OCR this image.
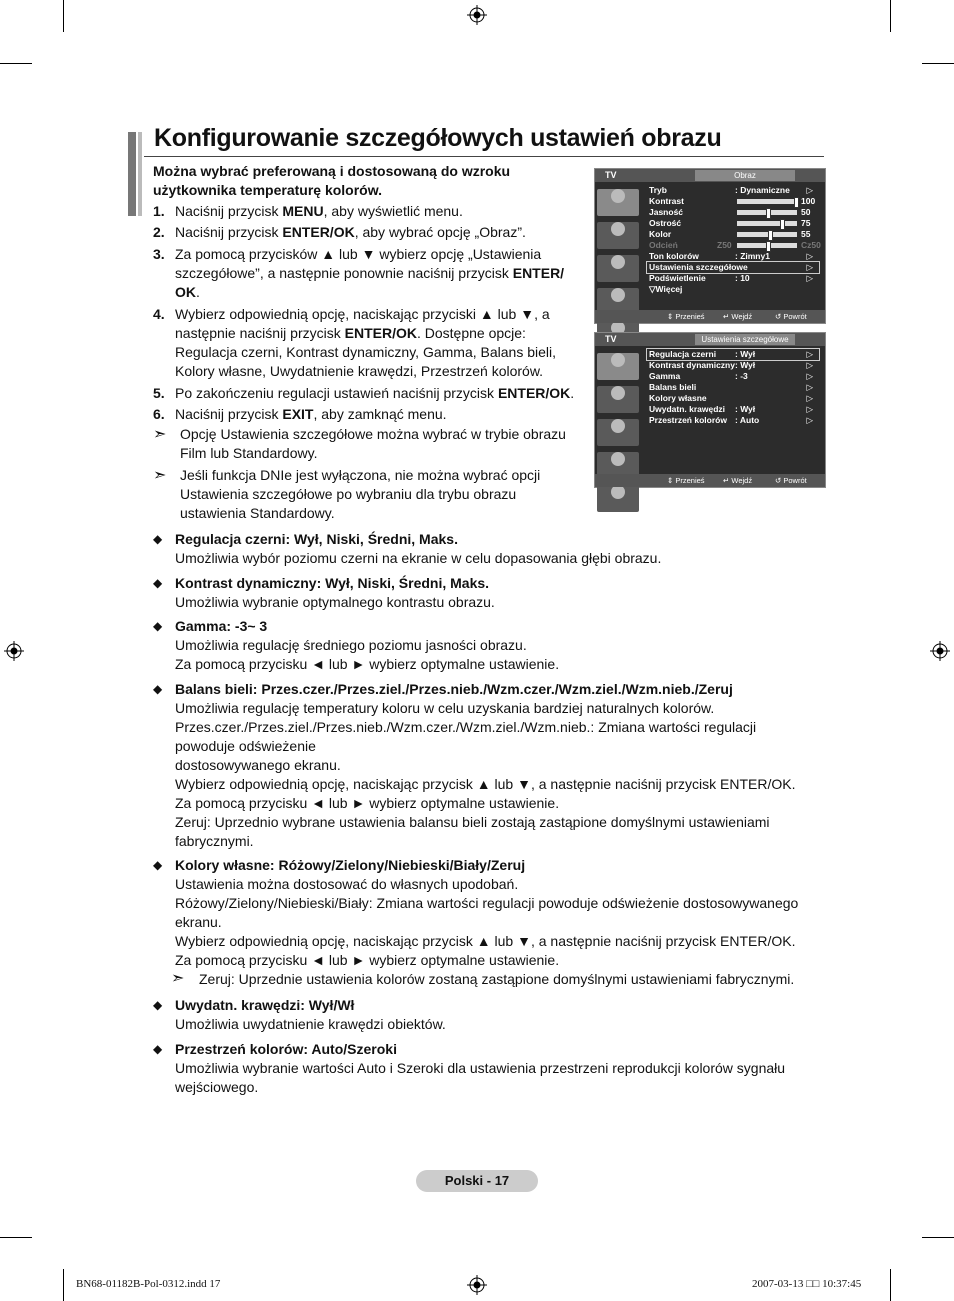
Konfigurowanie szczegółowych ustawień obrazu
Można wybrać preferowaną i dostosowaną do wzroku użytkownika temperaturę kolorów.
1. Naciśnij przycisk MENU, aby wyświetlić menu.
2. Naciśnij przycisk ENTER/OK, aby wybrać opcję „Obraz”.
3. Za pomocą przycisków ▲ lub ▼ wybierz opcję „Ustawienia szczegółowe”, a następnie ponownie naciśnij przycisk ENTER/ OK.
4. Wybierz odpowiednią opcję, naciskając przyciski ▲ lub ▼, a następnie naciśnij przycisk ENTER/OK. Dostępne opcje: Regulacja czerni, Kontrast dynamiczny, Gamma, Balans bieli, Kolory własne, Uwydatnienie krawędzi, Przestrzeń kolorów.
5. Po zakończeniu regulacji ustawień naciśnij przycisk ENTER/OK.
6. Naciśnij przycisk EXIT, aby zamknąć menu.
➣ Opcję Ustawienia szczegółowe można wybrać w trybie obrazu Film lub Standardowy.
➣ Jeśli funkcja DNIe jest wyłączona, nie można wybrać opcji Ustawienia szczegółowe po wybraniu dla trybu obrazu ustawienia Standardowy.
TV	Obraz
Tryb	: Dynamiczne ▷
Kontrast	100
Jasność	50
Ostrość	75
Kolor	55
Odcień	Z50	Cz50
Ton kolorów	: Zimny1	▷
Ustawienia szczegółowe	▷
Podświetlenie	: 10	▷
▽Więcej
⇕ Przenieś ↵ Wejdź	↺ Powrót
TV	Ustawienia szczegółowe
Regulacja czerni : Wył	▷
Kontrast dynamiczny : Wył	▷
Gamma	: -3	▷
Balans bieli	▷
Kolory własne	▷
Uwydatn. krawędzi : Wył	▷
Przestrzeń kolorów : Auto	▷
⇕ Przenieś ↵ Wejdź	↺ Powrót
◆ Regulacja czerni: Wył, Niski, Średni, Maks.
Umożliwia wybór poziomu czerni na ekranie w celu dopasowania głębi obrazu.
◆ Kontrast dynamiczny: Wył, Niski, Średni, Maks.
Umożliwia wybranie optymalnego kontrastu obrazu.
◆ Gamma: -3~ 3
Umożliwia regulację średniego poziomu jasności obrazu.
Za pomocą przycisku ◄ lub ► wybierz optymalne ustawienie.
◆ Balans bieli: Przes.czer./Przes.ziel./Przes.nieb./Wzm.czer./Wzm.ziel./Wzm.nieb./Zeruj
Umożliwia regulację temperatury koloru w celu uzyskania bardziej naturalnych kolorów.
Przes.czer./Przes.ziel./Przes.nieb./Wzm.czer./Wzm.ziel./Wzm.nieb.: Zmiana wartości regulacji powoduje odświeżenie
dostosowywanego ekranu.
Wybierz odpowiednią opcję, naciskając przycisk ▲ lub ▼, a następnie naciśnij przycisk ENTER/OK.
Za pomocą przycisku ◄ lub ► wybierz optymalne ustawienie.
Zeruj: Uprzednio wybrane ustawienia balansu bieli zostają zastąpione domyślnymi ustawieniami fabrycznymi.
◆ Kolory własne: Różowy/Zielony/Niebieski/Biały/Zeruj
Ustawienia można dostosować do własnych upodobań.
Różowy/Zielony/Niebieski/Biały: Zmiana wartości regulacji powoduje odświeżenie dostosowywanego ekranu.
Wybierz odpowiednią opcję, naciskając przycisk ▲ lub ▼, a następnie naciśnij przycisk ENTER/OK.
Za pomocą przycisku ◄ lub ► wybierz optymalne ustawienie.
➣ Zeruj: Uprzednie ustawienia kolorów zostaną zastąpione domyślnymi ustawieniami fabrycznymi.
◆ Uwydatn. krawędzi: Wył/Wł
Umożliwia uwydatnienie krawędzi obiektów.
◆ Przestrzeń kolorów: Auto/Szeroki
Umożliwia wybranie wartości Auto i Szeroki dla ustawienia przestrzeni reprodukcji kolorów sygnału wejściowego.
Polski - 17
BN68-01182B-Pol-0312.indd 17	2007-03-13 □□ 10:37:45
